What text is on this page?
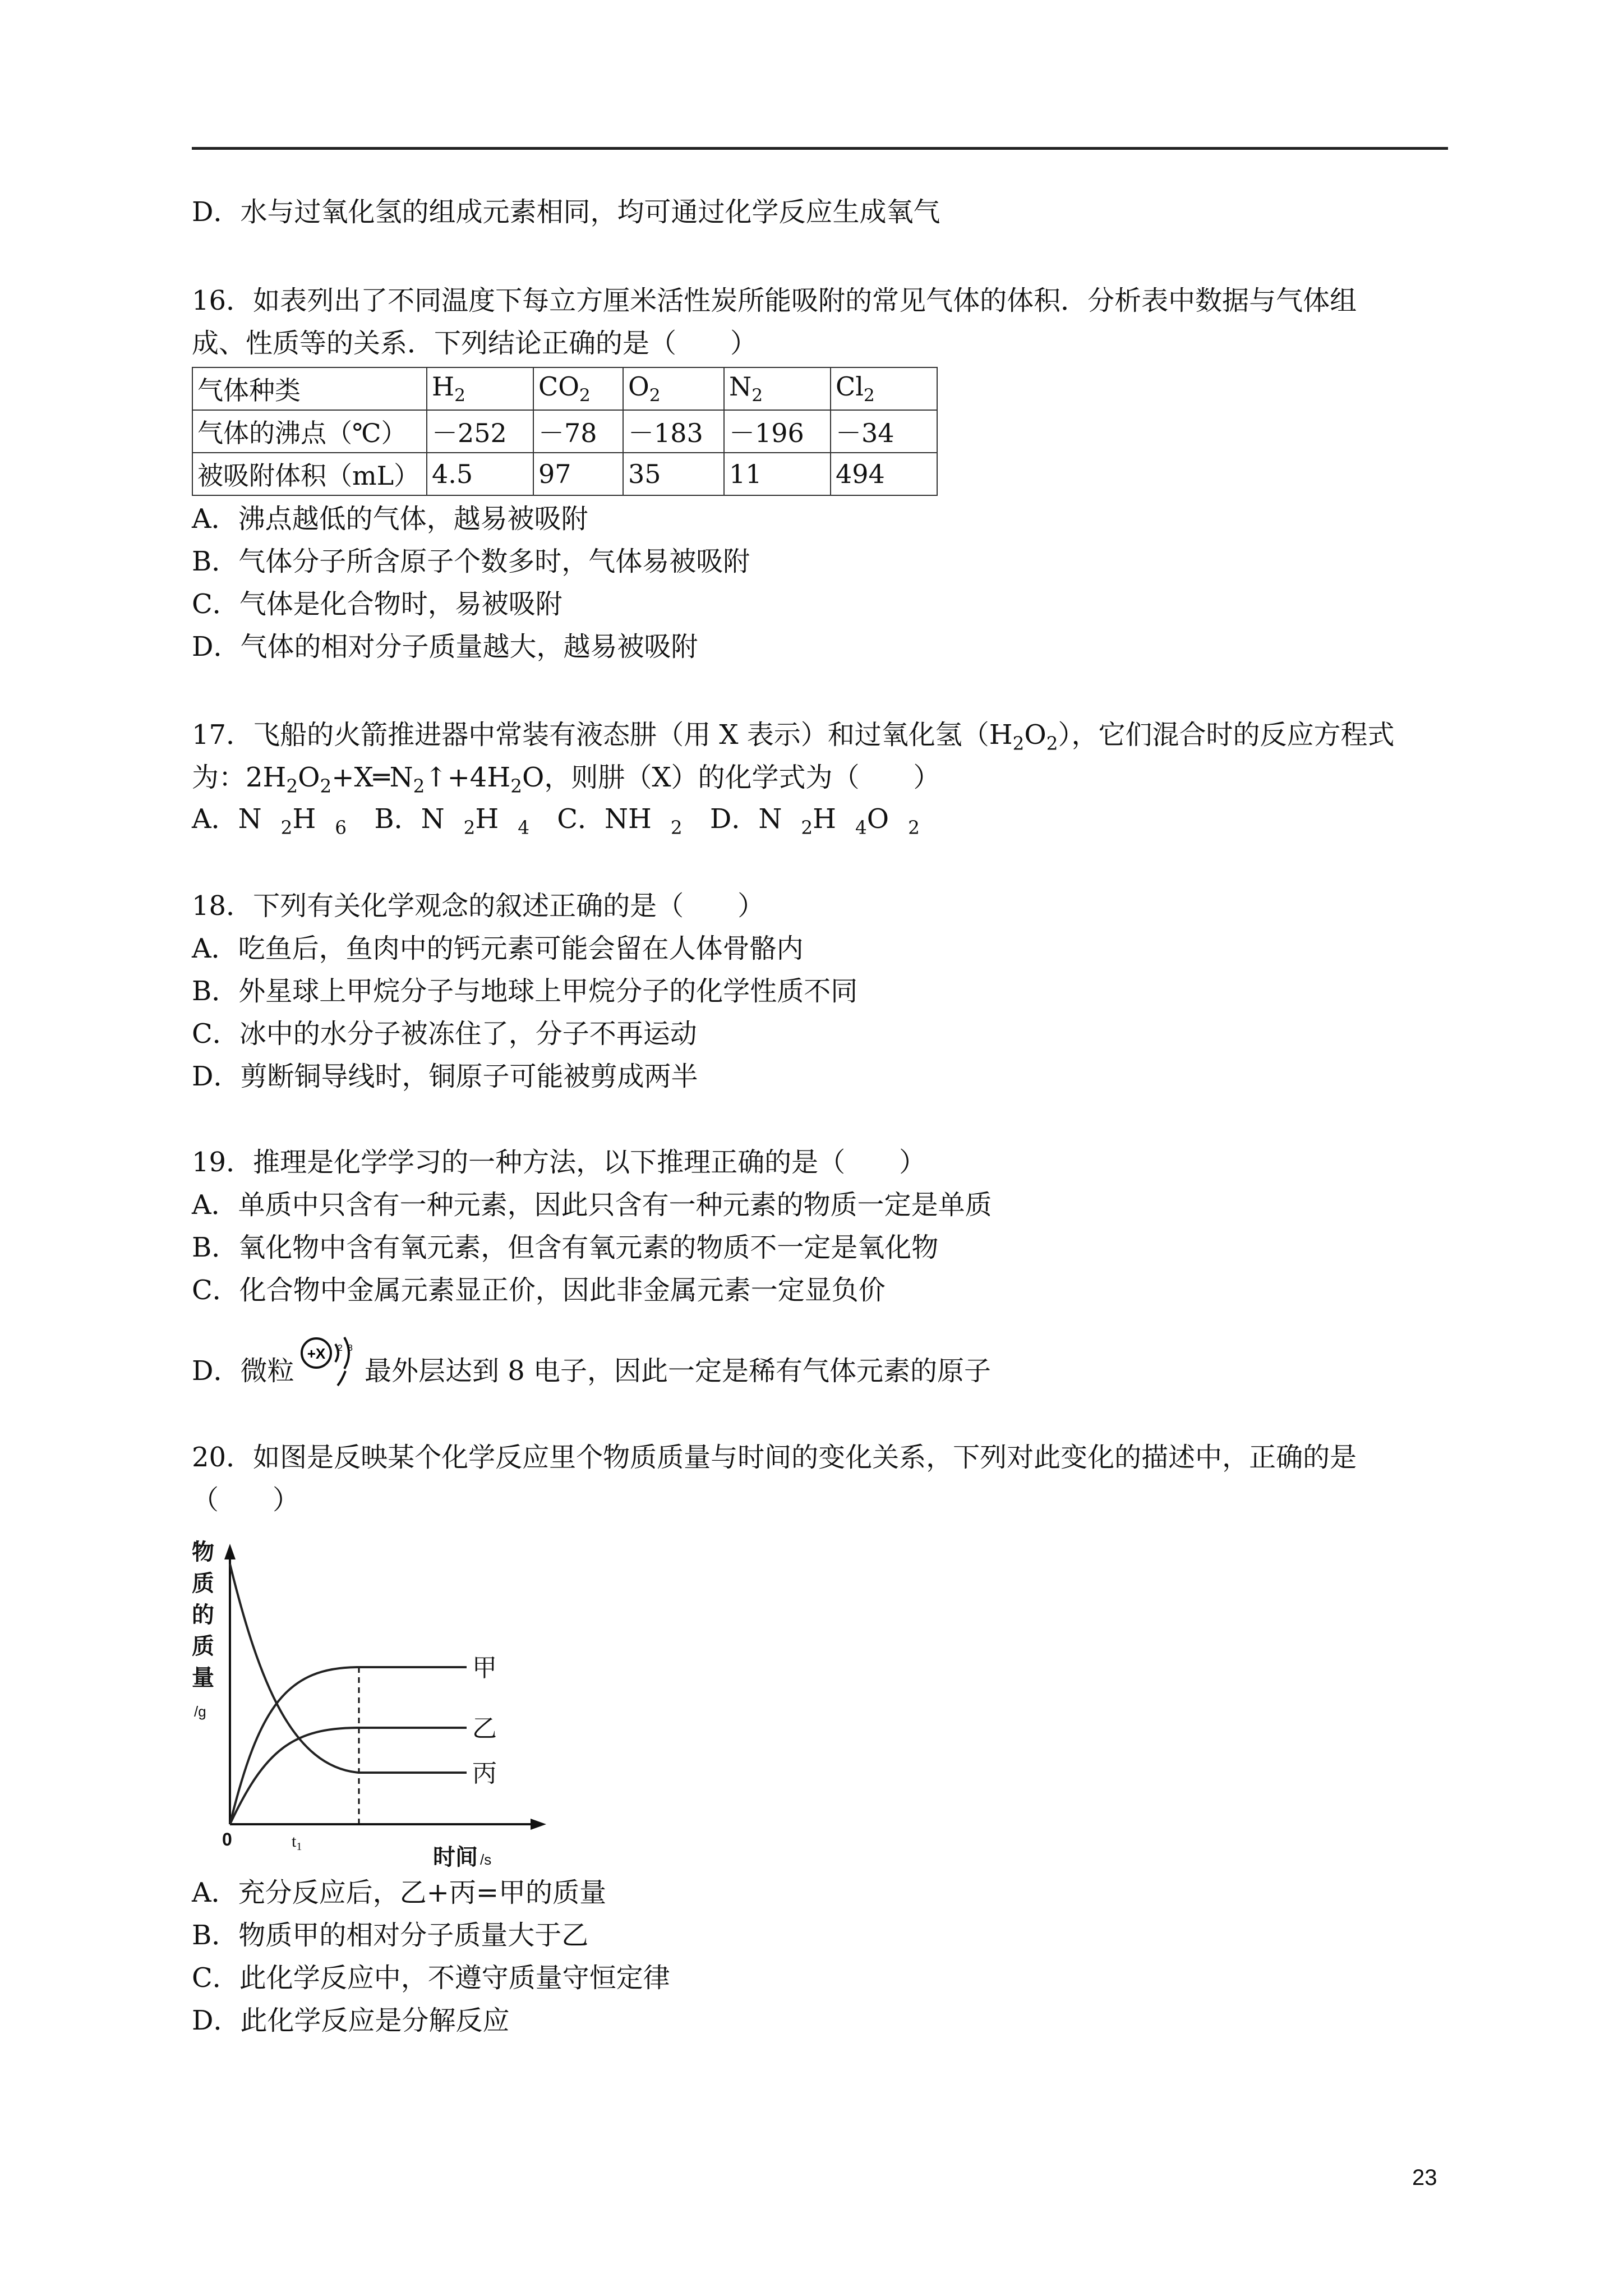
D．水与过氧化氢的组成元素相同，均可通过化学反应生成氧气
16．如表列出了不同温度下每立方厘米活性炭所能吸附的常见气体的体积．分析表中数据与气体组
成、性质等的关系．下列结论正确的是（　　）
气体种类	$H_2$	$CO_2$	$O_2$	$N_2$	$Cl_2$
气体的沸点（℃）	－252	－78	－183	－196	－34
被吸附体积（mL）	4.5	97	35	11	494
A．沸点越低的气体，越易被吸附
B．气体分子所含原子个数多时，气体易被吸附
C．气体是化合物时，易被吸附
D．气体的相对分子质量越大，越易被吸附
17．飞船的火箭推进器中常装有液态肼（用 X 表示）和过氧化氢$(H_2O_2)$，它们混合时的反应方程式
为：$2H_2O_2+X═N_2↑+4H_2O$，则肼（X）的化学式为（　　）
A．N $_2$H $_6$ B．N $_2$H $_4$ C．NH $_2$ D．N $_2$H $_4$O $_2$
18．下列有关化学观念的叙述正确的是（　　）
A．吃鱼后，鱼肉中的钙元素可能会留在人体骨骼内
B．外星球上甲烷分子与地球上甲烷分子的化学性质不同
C．冰中的水分子被冻住了，分子不再运动
D．剪断铜导线时，铜原子可能被剪成两半
19．推理是化学学习的一种方法，以下推理正确的是（　　）
A．单质中只含有一种元素，因此只含有一种元素的物质一定是单质
B．氧化物中含有氧元素，但含有氧元素的物质不一定是氧化物
C．化合物中金属元素显正价，因此非金属元素一定显负价
D．微粒
+X 2 8
最外层达到 8 电子，因此一定是稀有气体元素的原子
20．如图是反映某个化学反应里个物质质量与时间的变化关系，下列对此变化的描述中，正确的是
（　　）
物
质
的
质
量
时间
/g
/s
0	$t_1$
甲
乙
丙
A．充分反应后，乙+丙=甲的质量
B．物质甲的相对分子质量大于乙
C．此化学反应中，不遵守质量守恒定律
D．此化学反应是分解反应
23
